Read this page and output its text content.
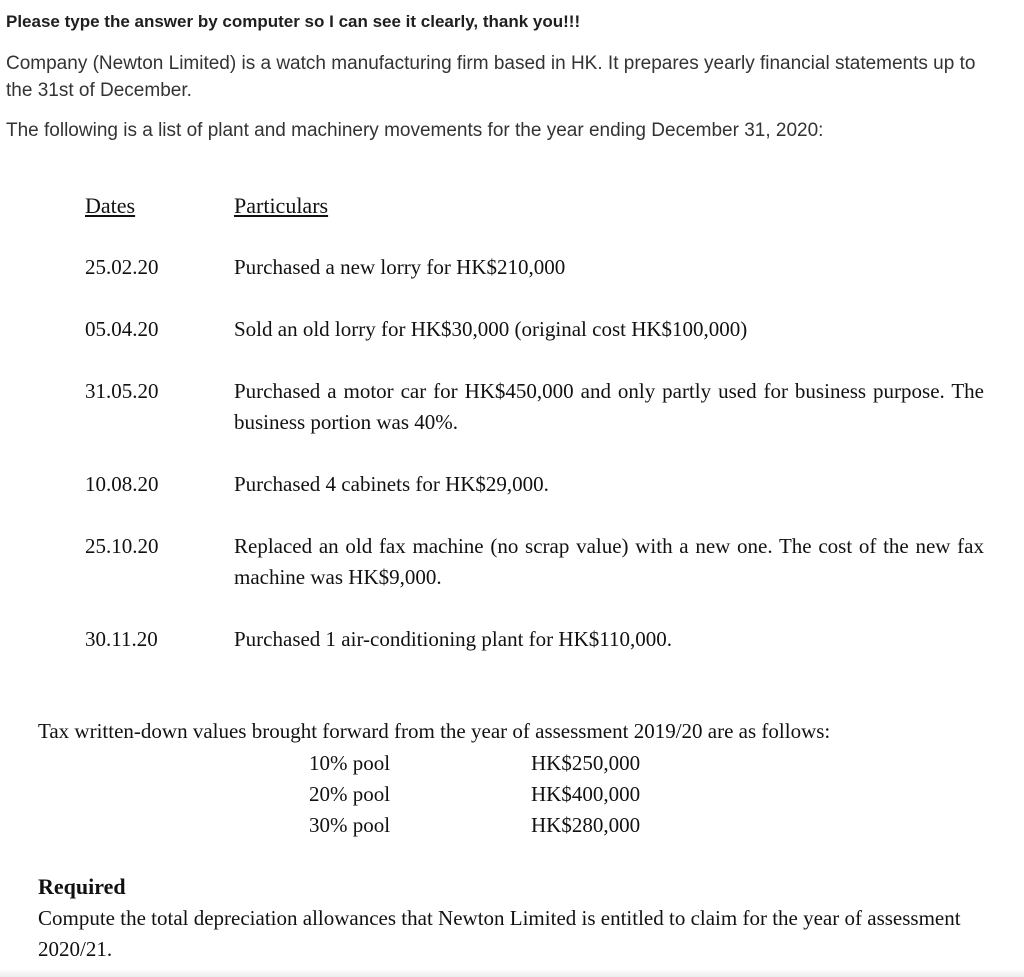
Please type the answer by computer so I can see it clearly, thank you!!!

Company (Newton Limited) is a watch manufacturing firm based in HK. It prepares yearly financial statements up to the 31st of December.

The following is a list of plant and machinery movements for the year ending December 31, 2020:

Dates	Particulars
25.02.20	Purchased a new lorry for HK$210,000
05.04.20	Sold an old lorry for HK$30,000 (original cost HK$100,000)
31.05.20	Purchased a motor car for HK$450,000 and only partly used for business purpose. The business portion was 40%.
10.08.20	Purchased 4 cabinets for HK$29,000.
25.10.20	Replaced an old fax machine (no scrap value) with a new one. The cost of the new fax machine was HK$9,000.
30.11.20	Purchased 1 air-conditioning plant for HK$110,000.
Tax written-down values brought forward from the year of assessment 2019/20 are as follows:
10% pool	HK$250,000
20% pool	HK$400,000
30% pool	HK$280,000
Required

Compute the total depreciation allowances that Newton Limited is entitled to claim for the year of assessment 2020/21.
